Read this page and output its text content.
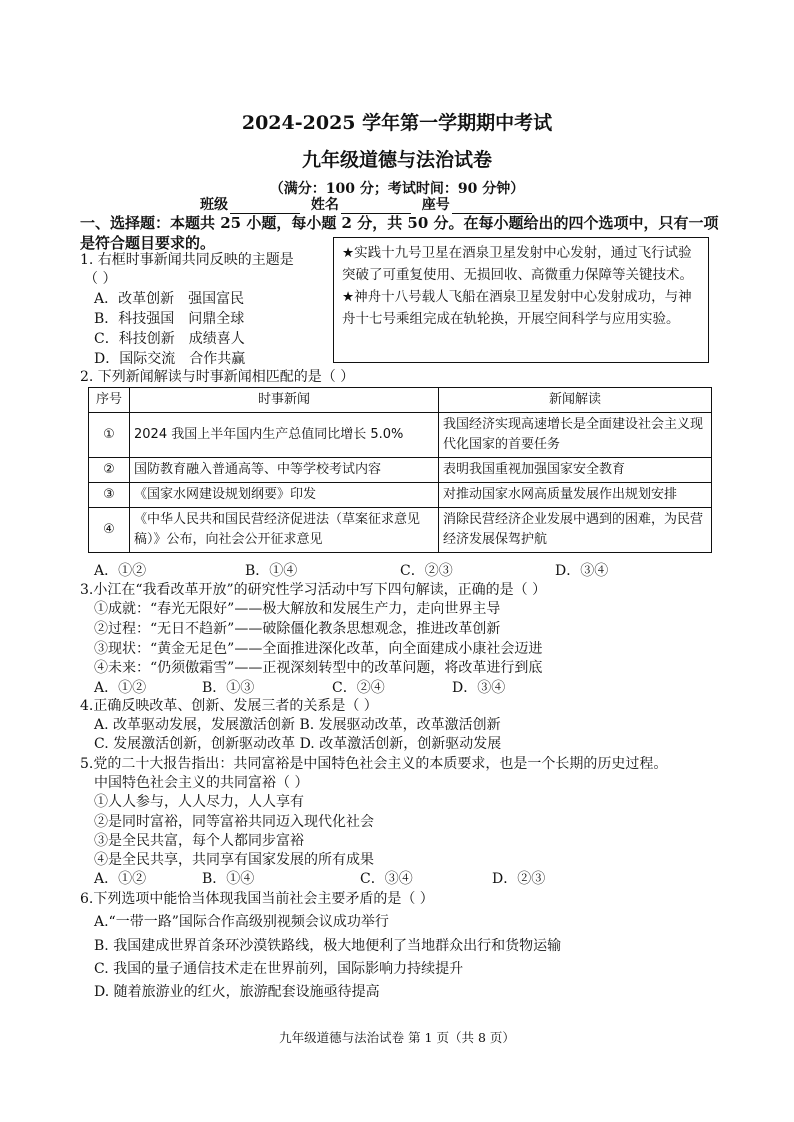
2024-2025 学年第一学期期中考试
九年级道德与法治试卷
（满分：100 分；考试时间：90 分钟）
班级	姓名	座号
一、选择题：本题共 25 小题，每小题 2 分，共 50 分。在每小题给出的四个选项中，只有一项
是符合题目要求的。
1. 右框时事新闻共同反映的主题是
（ ）
A．改革创新　强国富民
B．科技强国　问鼎全球
C．科技创新　成绩喜人
D．国际交流　合作共赢
★实践十九号卫星在酒泉卫星发射中心发射，通过飞行试验突破了可重复使用、无损回收、高微重力保障等关键技术。
★神舟十八号载人飞船在酒泉卫星发射中心发射成功，与神舟十七号乘组完成在轨轮换，开展空间科学与应用实验。
2. 下列新闻解读与时事新闻相匹配的是（ ）
序号	时事新闻	新闻解读
①	2024 我国上半年国内生产总值同比增长 5.0%	我国经济实现高速增长是全面建设社会主义现代化国家的首要任务
②	国防教育融入普通高等、中等学校考试内容	表明我国重视加强国家安全教育
③	《国家水网建设规划纲要》印发	对推动国家水网高质量发展作出规划安排
④	《中华人民共和国民营经济促进法（草案征求意见稿）》公布，向社会公开征求意见	消除民营经济企业发展中遇到的困难，为民营经济发展保驾护航
A．①②	B．①④	C．②③	D．③④
3.小江在“我看改革开放”的研究性学习活动中写下四句解读，正确的是（ ）
①成就：“春光无限好”——极大解放和发展生产力，走向世界主导
②过程：“无日不趋新”——破除僵化教条思想观念，推进改革创新
③现状：“黄金无足色”——全面推进深化改革，向全面建成小康社会迈进
④未来：“仍须傲霜雪”——正视深刻转型中的改革问题，将改革进行到底
A．①②	B．①③	C．②④	D．③④
4.正确反映改革、创新、发展三者的关系是（ ）
A. 改革驱动发展，发展激活创新 B. 发展驱动改革，改革激活创新
C. 发展激活创新，创新驱动改革 D. 改革激活创新，创新驱动发展
5.党的二十大报告指出：共同富裕是中国特色社会主义的本质要求，也是一个长期的历史过程。
中国特色社会主义的共同富裕（ ）
①人人参与，人人尽力，人人享有
②是同时富裕，同等富裕共同迈入现代化社会
③是全民共富，每个人都同步富裕
④是全民共享，共同享有国家发展的所有成果
A．①②	B．①④	C．③④	D．②③
6.下列选项中能恰当体现我国当前社会主要矛盾的是（ ）
A.“一带一路”国际合作高级别视频会议成功举行
B. 我国建成世界首条环沙漠铁路线，极大地便利了当地群众出行和货物运输
C. 我国的量子通信技术走在世界前列，国际影响力持续提升
D. 随着旅游业的红火，旅游配套设施亟待提高
九年级道德与法治试卷 第 1 页（共 8 页）
